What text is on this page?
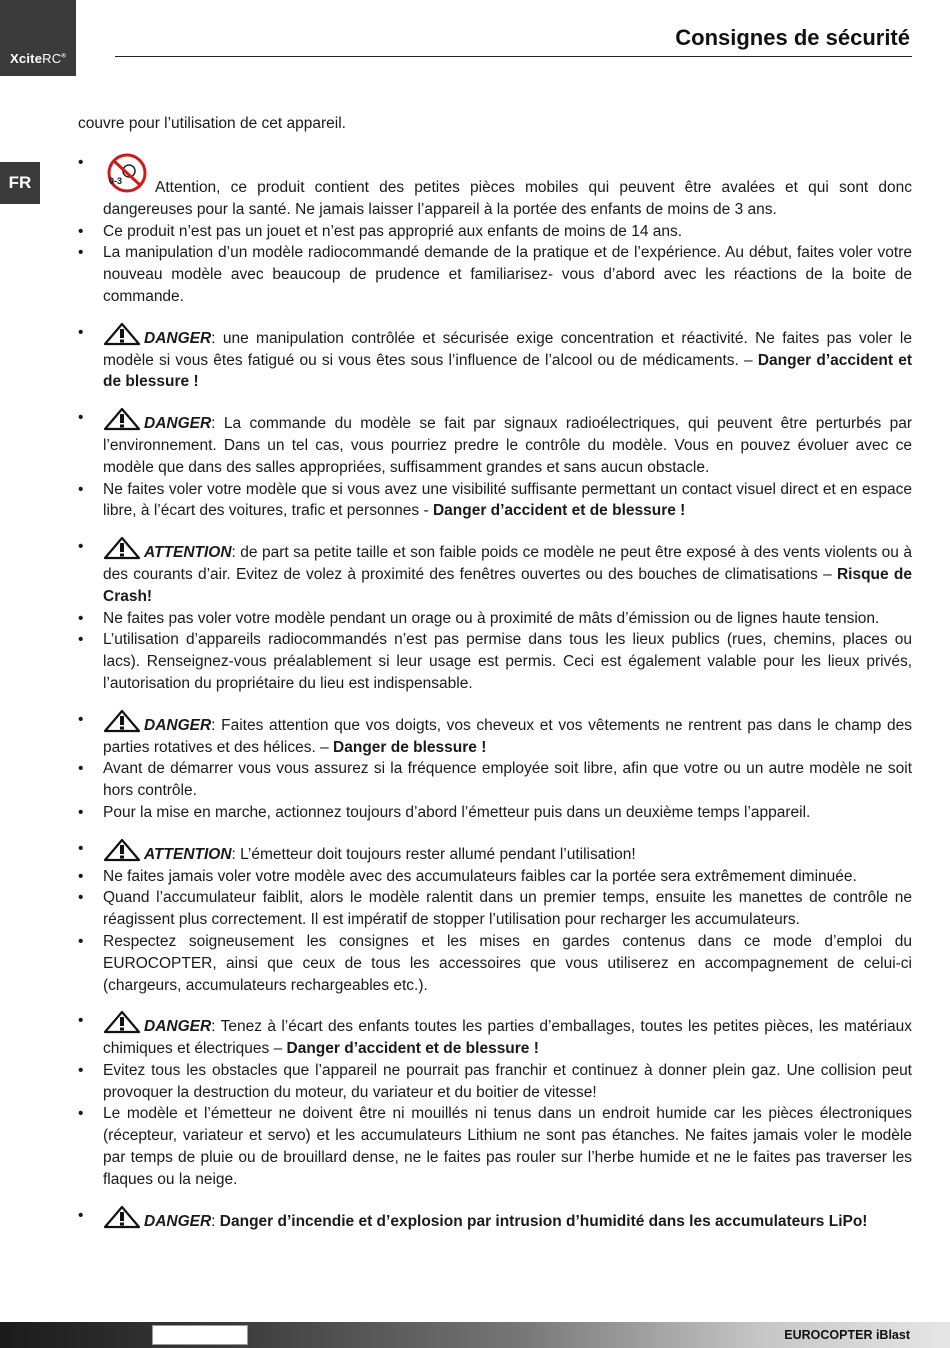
XciteRC®
Consignes de sécurité
FR
couvre pour l’utilisation de cet appareil.
•
0-3 Attention, ce produit contient des petites pièces mobiles qui peuvent être avalées et qui sont donc dangereuses pour la santé. Ne jamais laisser l’appareil à la portée des enfants de moins de 3 ans.
• Ce produit n’est pas un jouet et n’est pas approprié aux enfants de moins de 14 ans.
• La manipulation d’un modèle radiocommandé demande de la pratique et de l’expérience. Au début, faites voler votre nouveau modèle avec beaucoup de prudence et familiarisez- vous d’abord avec les réactions de la boite de commande.
•	DANGER: une manipulation contrôlée et sécurisée exige concentration et réactivité. Ne faites pas voler le modèle si vous êtes fatigué ou si vous êtes sous l’influence de l’alcool ou de médicaments. – Danger d’accident et de blessure !
•	DANGER: La commande du modèle se fait par signaux radioélectriques, qui peuvent être perturbés par l’environnement. Dans un tel cas, vous pourriez predre le contrôle du modèle. Vous en pouvez évoluer avec ce modèle que dans des salles appropriées, suffisamment grandes et sans aucun obstacle.
• Ne faites voler votre modèle que si vous avez une visibilité suffisante permettant un contact visuel direct et en espace libre, à l’écart des voitures, trafic et personnes - Danger d’accident et de blessure !
•	ATTENTION: de part sa petite taille et son faible poids ce modèle ne peut être exposé à des vents violents ou à des courants d’air. Evitez de volez à proximité des fenêtres ouvertes ou des bouches de climatisations – Risque de Crash!
• Ne faites pas voler votre modèle pendant un orage ou à proximité de mâts d’émission ou de lignes haute tension.
• L’utilisation d’appareils radiocommandés n’est pas permise dans tous les lieux publics (rues, chemins, places ou lacs). Renseignez-vous préalablement si leur usage est permis. Ceci est également valable pour les lieux privés, l’autorisation du propriétaire du lieu est indispensable.
•	DANGER: Faites attention que vos doigts, vos cheveux et vos vêtements ne rentrent pas dans le champ des parties rotatives et des hélices. – Danger de blessure !
• Avant de démarrer vous vous assurez si la fréquence employée soit libre, afin que votre ou un autre modèle ne soit hors contrôle.
• Pour la mise en marche, actionnez toujours d’abord l’émetteur puis dans un deuxième temps l’appareil.
•	ATTENTION: L’émetteur doit toujours rester allumé pendant l’utilisation!
• Ne faites jamais voler votre modèle avec des accumulateurs faibles car la portée sera extrêmement diminuée.
• Quand l’accumulateur faiblit, alors le modèle ralentit dans un premier temps, ensuite les manettes de contrôle ne réagissent plus correctement. Il est impératif de stopper l’utilisation pour recharger les accumulateurs.
• Respectez soigneusement les consignes et les mises en gardes contenus dans ce mode d’emploi du EUROCOPTER, ainsi que ceux de tous les accessoires que vous utiliserez en accompagnement de celui-ci (chargeurs, accumulateurs rechargeables etc.).
•	DANGER: Tenez à l’écart des enfants toutes les parties d’emballages, toutes les petites pièces, les matériaux chimiques et électriques – Danger d’accident et de blessure !
• Evitez tous les obstacles que l’appareil ne pourrait pas franchir et continuez à donner plein gaz. Une collision peut provoquer la destruction du moteur, du variateur et du boitier de vitesse!
• Le modèle et l’émetteur ne doivent être ni mouillés ni tenus dans un endroit humide car les pièces électroniques (récepteur, variateur et servo) et les accumulateurs Lithium ne sont pas étanches. Ne faites jamais voler le modèle par temps de pluie ou de brouillard dense, ne le faites pas rouler sur l’herbe humide et ne le faites pas traverser les flaques ou la neige.
•	DANGER: Danger d’incendie et d’explosion par intrusion d’humidité dans les accumulateurs LiPo!
EUROCOPTER iBlast
